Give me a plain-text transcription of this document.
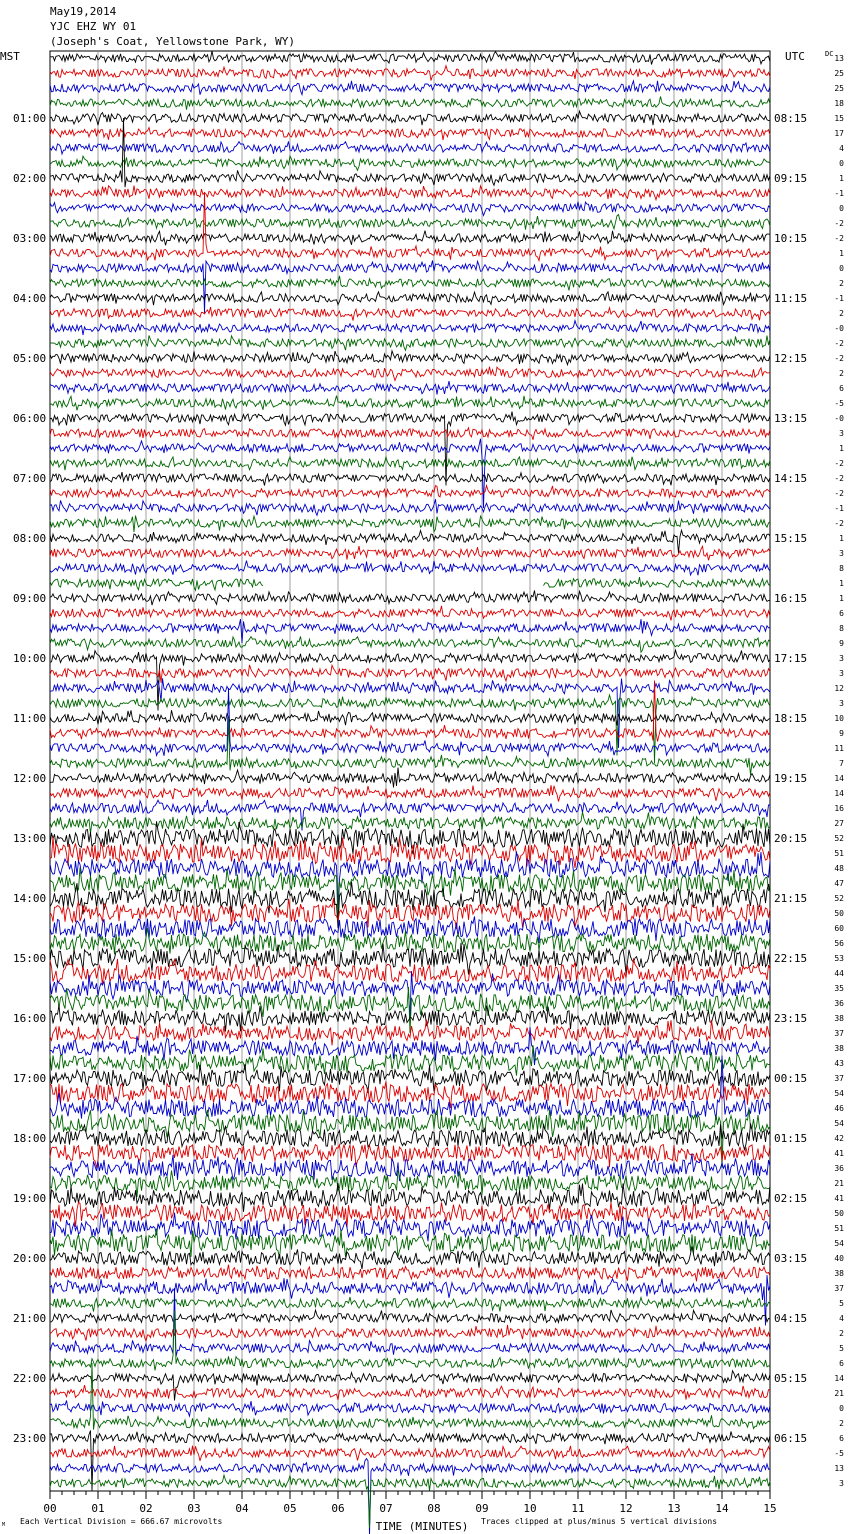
May19,2014
YJC EHZ WY 01
(Joseph's Coat, Yellowstone Park, WY)
MST	UTC
01:00
02:00
03:00
04:00
05:00
06:00
07:00
08:00
09:00
10:00
11:00
12:00
13:00
14:00
15:00
16:00
17:00
18:00
19:00
20:00
21:00
22:00
23:00
08:15
09:15
10:15
11:15
12:15
13:15
14:15
15:15
16:15
17:15
18:15
19:15
20:15
21:15
22:15
23:15
00:15
01:15
02:15
03:15
04:15
05:15
06:15
DC 13
25
25
18
15
17
4
0
1
-1
0
-2
-2
1
0
2
-1
2
-0
-2
-2
2
6
-5
-0
3
1
-2
-2
-2
-1
-2
1
3
8
1
1
6
8
9
3
3
12
3
10
9
11
7
14
14
16
27
52
51
48
47
52
50
60
56
53
44
35
36
38
37
38
43
37
54
46
54
42
41
36
21
41
50
51
54
40
38
37
5
4
2
5
6
14
21
0
2
6
-5
13
3
00	01	02	03	04	05	06	07	08	09	10	11	12	13	14	15
TIME (MINUTES)
Each Vertical Division = 666.67 microvolts	Traces clipped at plus/minus 5 vertical divisions
M
